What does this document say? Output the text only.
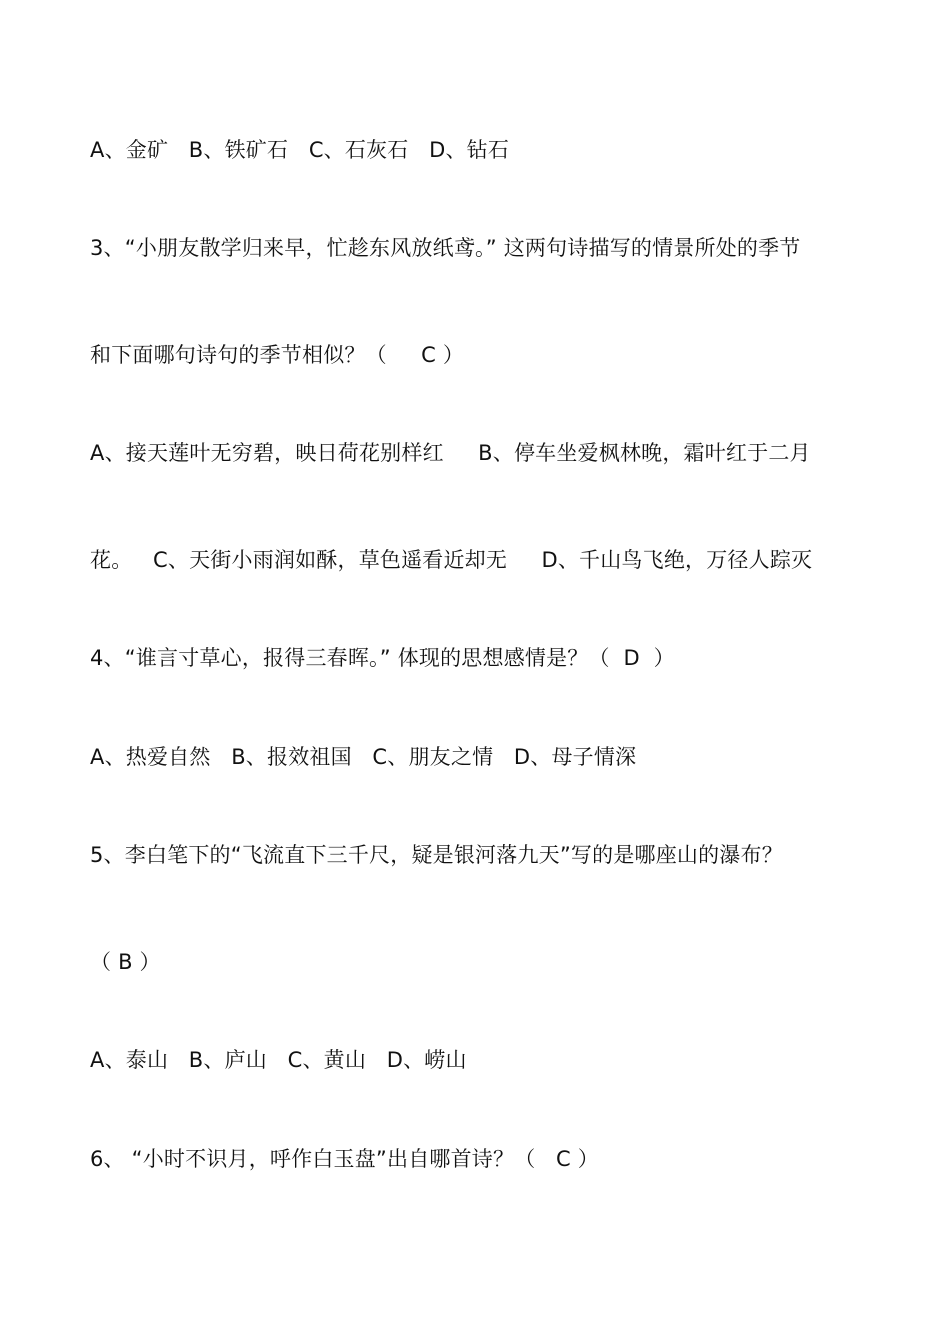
A、金矿   B、铁矿石   C、石灰石   D、钻石
3、“小朋友散学归来早，忙趁东风放纸鸢。” 这两句诗描写的情景所处的季节
和下面哪句诗句的季节相似？（     C ）
A、接天莲叶无穷碧，映日荷花别样红     B、停车坐爱枫林晚，霜叶红于二月
花。   C、天街小雨润如酥，草色遥看近却无     D、千山鸟飞绝，万径人踪灭
4、“谁言寸草心，报得三春晖。” 体现的思想感情是？（  D  ）
A、热爱自然   B、报效祖国   C、朋友之情   D、母子情深
5、李白笔下的“飞流直下三千尺，疑是银河落九天”写的是哪座山的瀑布？
（ B ）
A、泰山   B、庐山   C、黄山   D、崂山
6、 “小时不识月，呼作白玉盘”出自哪首诗？（   C ）
